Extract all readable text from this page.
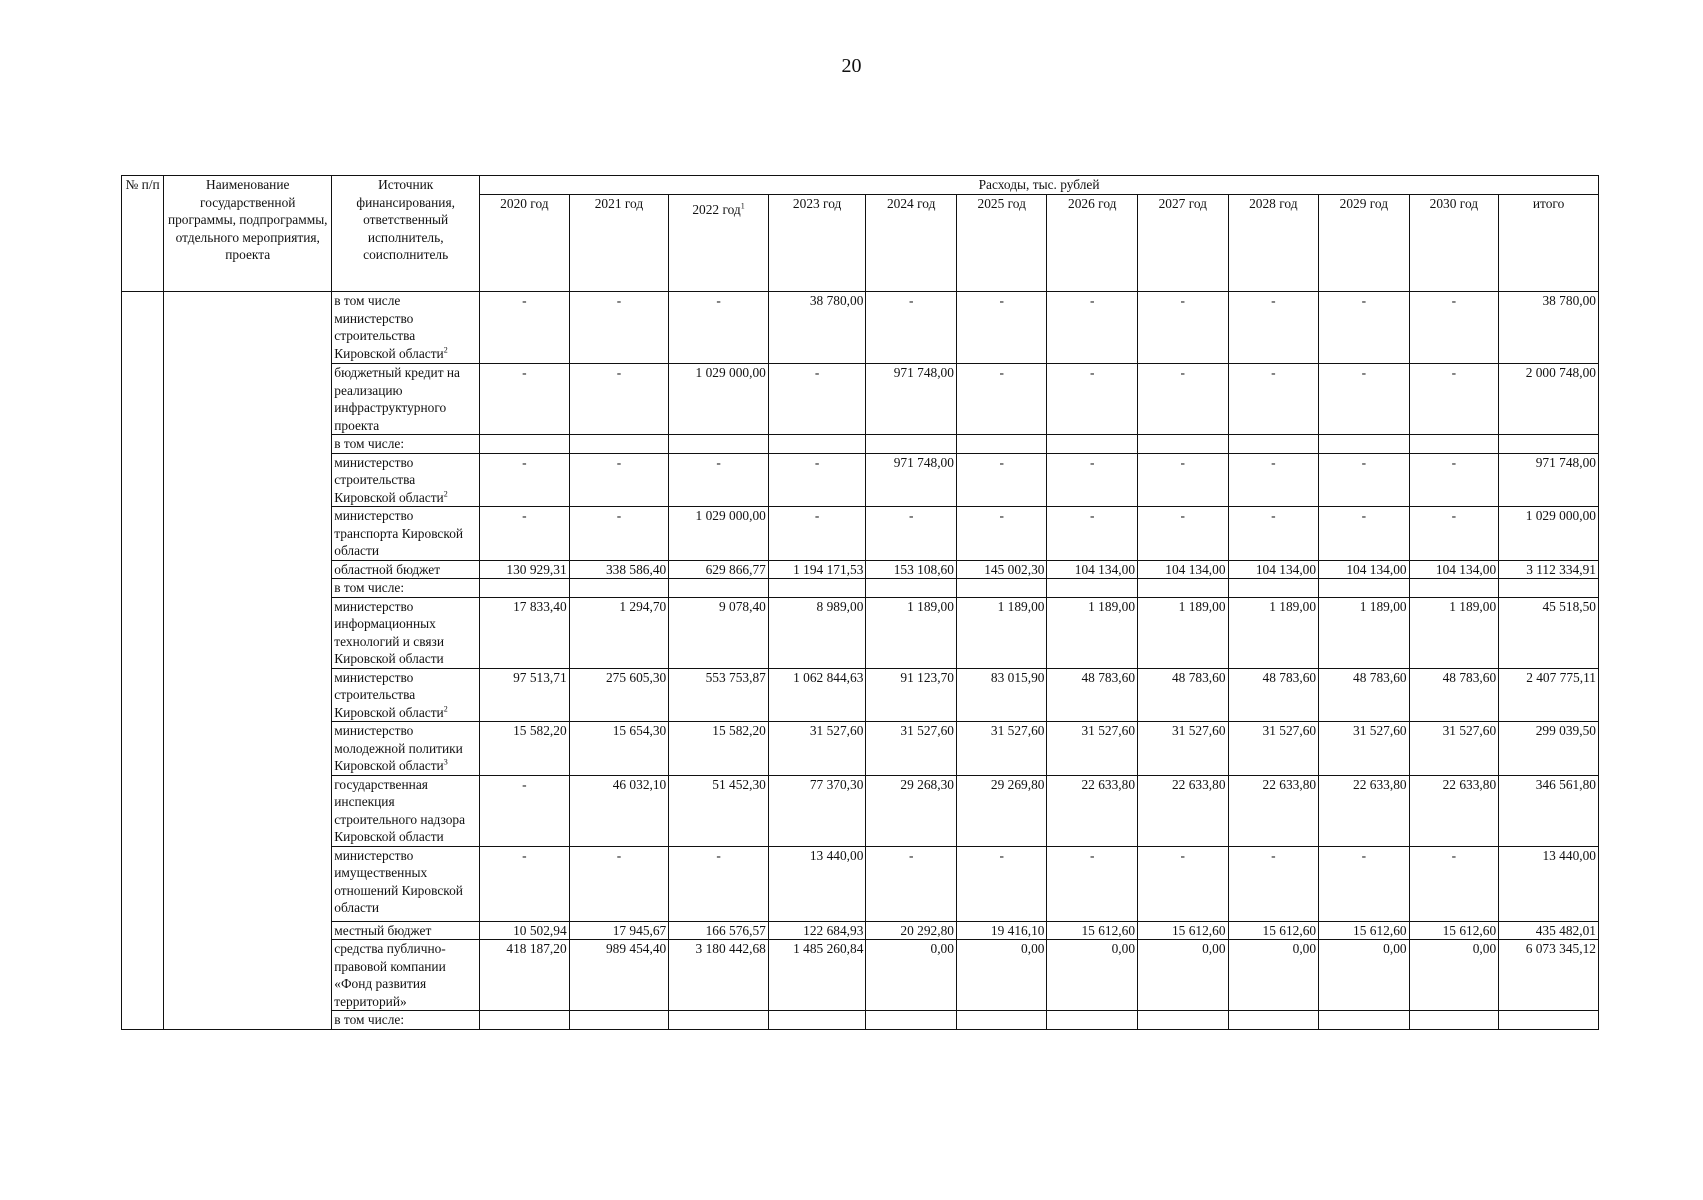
20
№ п/п	Наименование государственной программы, подпрограммы, отдельного мероприятия, проекта	Источник финансирования, ответственный исполнитель, соисполнитель	Расходы, тыс. рублей											
			2020 год	2021 год	2022 год$^1$	2023 год	2024 год	2025 год	2026 год	2027 год	2028 год	2029 год	2030 год	итого
		в том числе министерство строительства Кировской области$^2$	-	-	-	38 780,00	-	-	-	-	-	-	-	38 780,00
		бюджетный кредит на реализацию инфраструктурного проекта	-	-	1 029 000,00	-	971 748,00	-	-	-	-	-	-	2 000 748,00
		в том числе:												
		министерство строительства Кировской области$^2$	-	-	-	-	971 748,00	-	-	-	-	-	-	971 748,00
		министерство транспорта Кировской области	-	-	1 029 000,00	-	-	-	-	-	-	-	-	1 029 000,00
		областной бюджет	130 929,31	338 586,40	629 866,77	1 194 171,53	153 108,60	145 002,30	104 134,00	104 134,00	104 134,00	104 134,00	104 134,00	3 112 334,91
		в том числе:												
		министерство информационных технологий и связи Кировской области	17 833,40	1 294,70	9 078,40	8 989,00	1 189,00	1 189,00	1 189,00	1 189,00	1 189,00	1 189,00	1 189,00	45 518,50
		министерство строительства Кировской области$^2$	97 513,71	275 605,30	553 753,87	1 062 844,63	91 123,70	83 015,90	48 783,60	48 783,60	48 783,60	48 783,60	48 783,60	2 407 775,11
		министерство молодежной политики Кировской области$^3$	15 582,20	15 654,30	15 582,20	31 527,60	31 527,60	31 527,60	31 527,60	31 527,60	31 527,60	31 527,60	31 527,60	299 039,50
		государственная инспекция строительного надзора Кировской области	-	46 032,10	51 452,30	77 370,30	29 268,30	29 269,80	22 633,80	22 633,80	22 633,80	22 633,80	22 633,80	346 561,80
		министерство имущественных отношений Кировской области	-	-	-	13 440,00	-	-	-	-	-	-	-	13 440,00
		местный бюджет	10 502,94	17 945,67	166 576,57	122 684,93	20 292,80	19 416,10	15 612,60	15 612,60	15 612,60	15 612,60	15 612,60	435 482,01
		средства публично-правовой компании «Фонд развития территорий»	418 187,20	989 454,40	3 180 442,68	1 485 260,84	0,00	0,00	0,00	0,00	0,00	0,00	0,00	6 073 345,12
		в том числе:												
